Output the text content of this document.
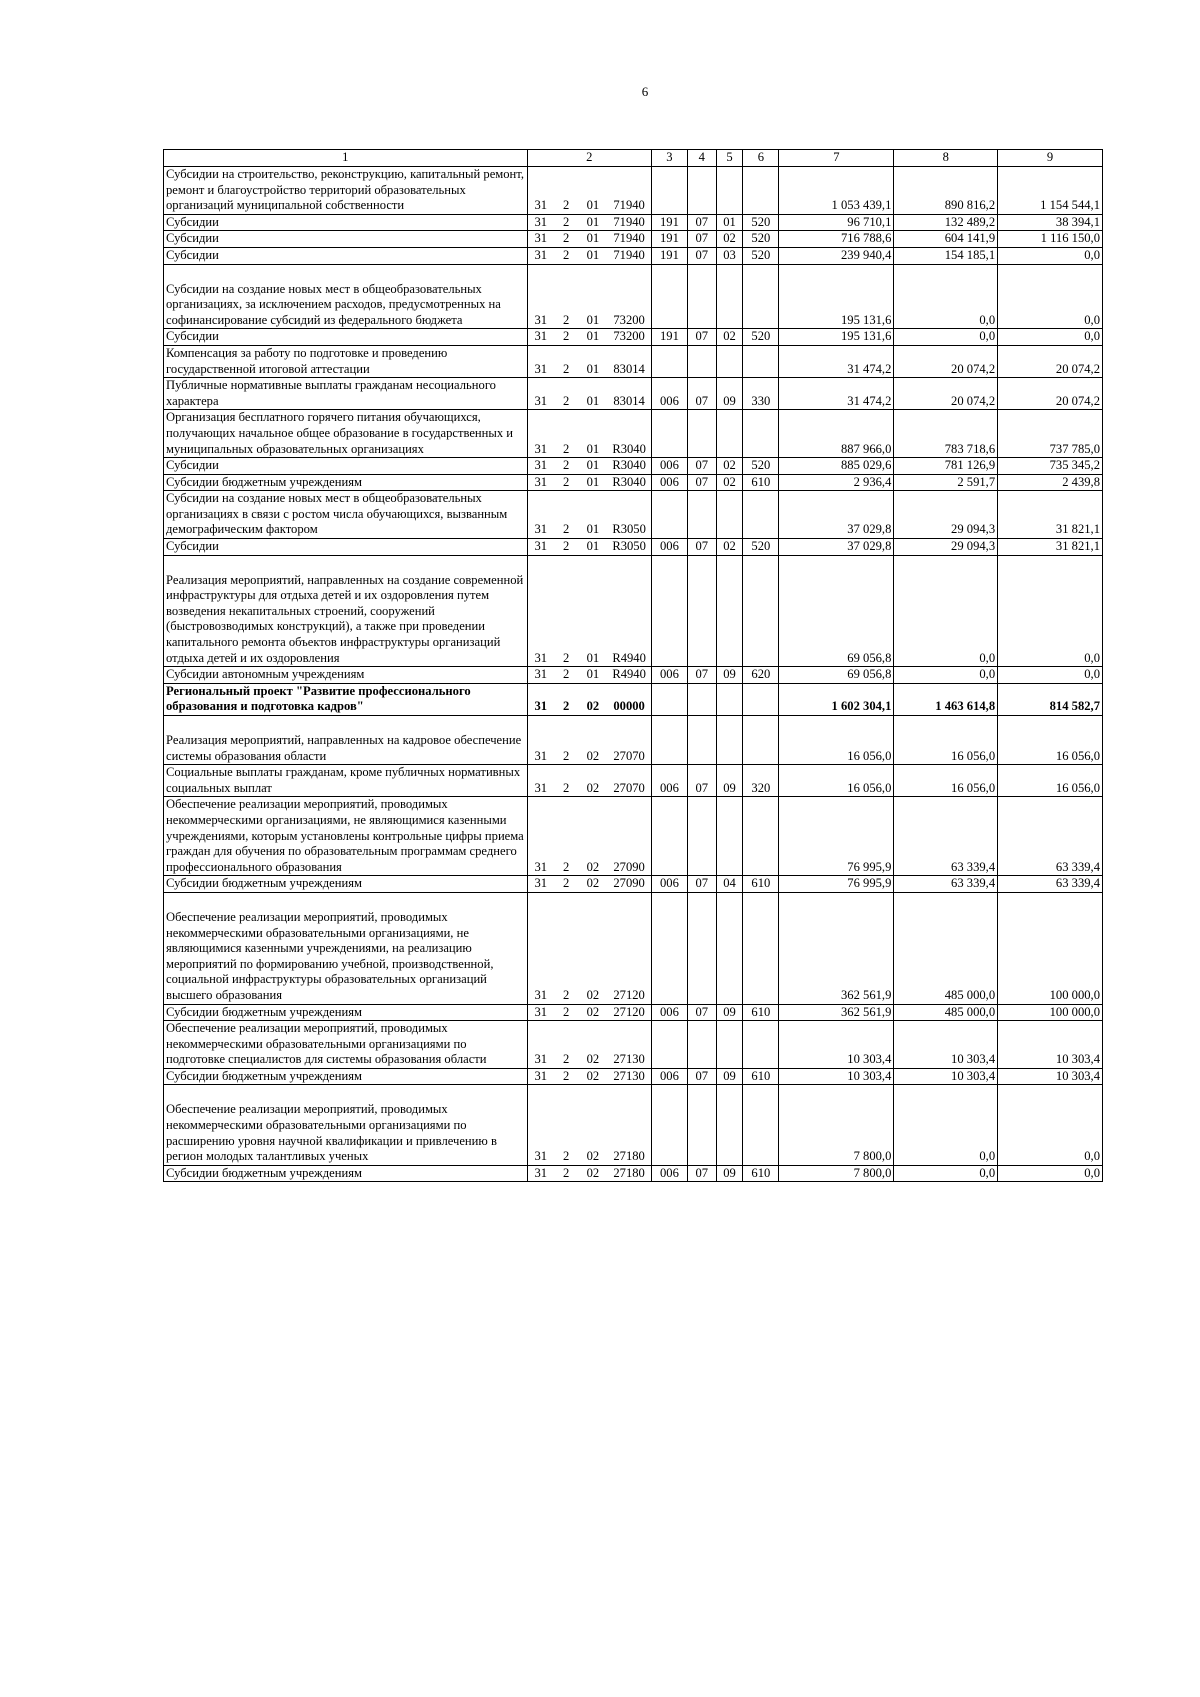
6
1	2				3	4	5	6	7	8	9
Субсидии на строительство, реконструкцию, капитальный ремонт, ремонт и благоустройство территорий образовательных организаций муниципальной собственности	31	2	01	71940					1 053 439,1	890 816,2	1 154 544,1
Субсидии	31	2	01	71940	191	07	01	520	96 710,1	132 489,2	38 394,1
Субсидии	31	2	01	71940	191	07	02	520	716 788,6	604 141,9	1 116 150,0
Субсидии	31	2	01	71940	191	07	03	520	239 940,4	154 185,1	0,0
Субсидии на создание новых мест в общеобразовательных организациях, за исключением расходов, предусмотренных на софинансирование субсидий из федерального бюджета	31	2	01	73200					195 131,6	0,0	0,0
Субсидии	31	2	01	73200	191	07	02	520	195 131,6	0,0	0,0
Компенсация за работу по подготовке и проведению государственной итоговой аттестации	31	2	01	83014					31 474,2	20 074,2	20 074,2
Публичные нормативные выплаты гражданам несоциального характера	31	2	01	83014	006	07	09	330	31 474,2	20 074,2	20 074,2
Организация бесплатного горячего питания обучающихся, получающих начальное общее образование в государственных и муниципальных образовательных организациях	31	2	01	R3040					887 966,0	783 718,6	737 785,0
Субсидии	31	2	01	R3040	006	07	02	520	885 029,6	781 126,9	735 345,2
Субсидии бюджетным учреждениям	31	2	01	R3040	006	07	02	610	2 936,4	2 591,7	2 439,8
Субсидии на создание новых мест в общеобразовательных организациях в связи с ростом числа обучающихся, вызванным демографическим фактором	31	2	01	R3050					37 029,8	29 094,3	31 821,1
Субсидии	31	2	01	R3050	006	07	02	520	37 029,8	29 094,3	31 821,1
Реализация мероприятий, направленных на создание современной инфраструктуры для отдыха детей и их оздоровления путем возведения некапитальных строений, сооружений (быстровозводимых конструкций), а также при проведении капитального ремонта объектов инфраструктуры организаций отдыха детей и их оздоровления	31	2	01	R4940					69 056,8	0,0	0,0
Субсидии автономным учреждениям	31	2	01	R4940	006	07	09	620	69 056,8	0,0	0,0
Региональный проект "Развитие профессионального образования и подготовка кадров"	31	2	02	00000					1 602 304,1	1 463 614,8	814 582,7
Реализация мероприятий, направленных на кадровое обеспечение системы образования области	31	2	02	27070					16 056,0	16 056,0	16 056,0
Социальные выплаты гражданам, кроме публичных нормативных социальных выплат	31	2	02	27070	006	07	09	320	16 056,0	16 056,0	16 056,0
Обеспечение реализации мероприятий, проводимых некоммерческими организациями, не являющимися казенными учреждениями, которым установлены контрольные цифры приема граждан для обучения по образовательным программам среднего профессионального образования	31	2	02	27090					76 995,9	63 339,4	63 339,4
Субсидии бюджетным учреждениям	31	2	02	27090	006	07	04	610	76 995,9	63 339,4	63 339,4
Обеспечение реализации мероприятий, проводимых некоммерческими образовательными организациями, не являющимися казенными учреждениями, на реализацию мероприятий по формированию учебной, производственной, социальной инфраструктуры образовательных организаций высшего образования	31	2	02	27120					362 561,9	485 000,0	100 000,0
Субсидии бюджетным учреждениям	31	2	02	27120	006	07	09	610	362 561,9	485 000,0	100 000,0
Обеспечение реализации мероприятий, проводимых некоммерческими образовательными организациями по подготовке специалистов для системы образования области	31	2	02	27130					10 303,4	10 303,4	10 303,4
Субсидии бюджетным учреждениям	31	2	02	27130	006	07	09	610	10 303,4	10 303,4	10 303,4
Обеспечение реализации мероприятий, проводимых некоммерческими образовательными организациями по расширению уровня научной квалификации и привлечению в регион молодых талантливых ученых	31	2	02	27180					7 800,0	0,0	0,0
Субсидии бюджетным учреждениям	31	2	02	27180	006	07	09	610	7 800,0	0,0	0,0
